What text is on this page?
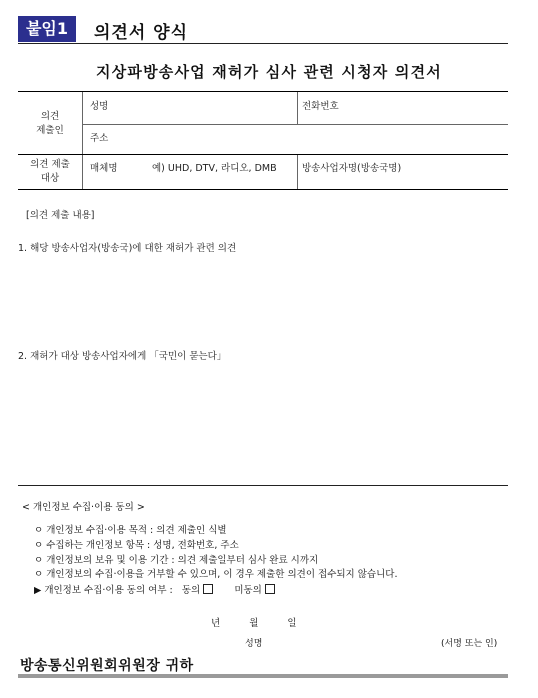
붙임1	의견서 양식
지상파방송사업 재허가 심사 관련 시청자 의견서
의견
제출인
성명	전화번호
주소
의견 제출
대상
매체명	예) UHD, DTV, 라디오, DMB	방송사업자명(방송국명)
[의견 제출 내용]
1. 해당 방송사업자(방송국)에 대한 재허가 관련 의견
2. 재허가 대상 방송사업자에게 「국민이 묻는다」
< 개인정보 수집·이용 동의 >
ㅇ 개인정보 수집·이용 목적 : 의견 제출인 식별
ㅇ 수집하는 개인정보 항목 : 성명, 전화번호, 주소
ㅇ 개인정보의 보유 및 이용 기간 : 의견 제출일부터 심사 완료 시까지
ㅇ 개인정보의 수집·이용을 거부할 수 있으며, 이 경우 제출한 의견이 접수되지 않습니다.
▶ 개인정보 수집·이용 동의 여부 : 동의	미동의
년 월 일
성명	(서명 또는 인)
방송통신위원회위원장 귀하
